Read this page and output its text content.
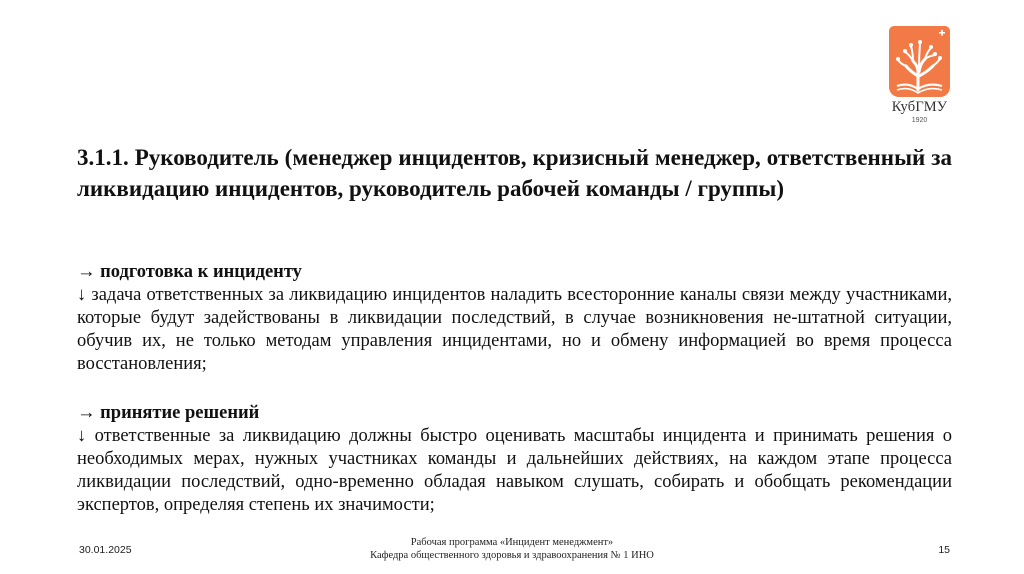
КубГМУ
1920
3.1.1. Руководитель (менеджер инцидентов, кризисный менеджер, ответственный за ликвидацию инцидентов, руководитель рабочей команды / группы)

→ подготовка к инциденту

↓ задача ответственных за ликвидацию инцидентов наладить всесторонние каналы связи между участниками, которые будут задействованы в ликвидации последствий, в случае возникновения не-штатной ситуации, обучив их, не только методам управления инцидентами, но и обмену информацией во время процесса восстановления;

→ принятие решений

↓ ответственные за ликвидацию должны быстро оценивать масштабы инцидента и принимать решения о необходимых мерах, нужных участниках команды и дальнейших действиях, на каждом этапе процесса ликвидации последствий, одно-временно обладая навыком слушать, собирать и обобщать рекомендации экспертов, определяя степень их значимости;

30.01.2025
Рабочая программа «Инцидент менеджмент»
Кафедра общественного здоровья и здравоохранения № 1 ИНО	15
